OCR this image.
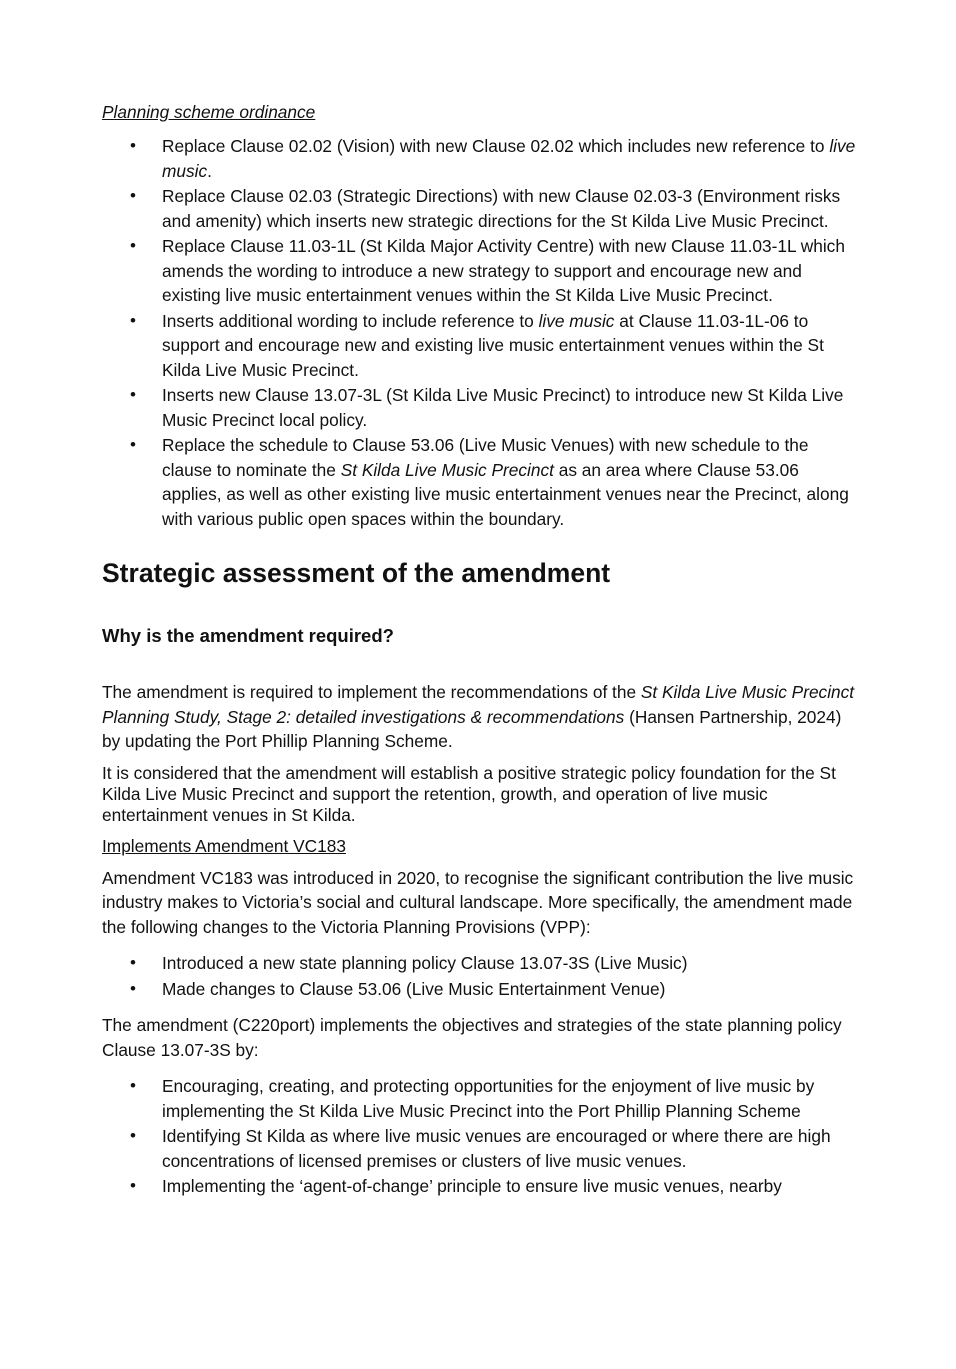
Planning scheme ordinance

• Replace Clause 02.02 (Vision) with new Clause 02.02 which includes new reference to live music.
• Replace Clause 02.03 (Strategic Directions) with new Clause 02.03-3 (Environment risks and amenity) which inserts new strategic directions for the St Kilda Live Music Precinct.
• Replace Clause 11.03-1L (St Kilda Major Activity Centre) with new Clause 11.03-1L which amends the wording to introduce a new strategy to support and encourage new and existing live music entertainment venues within the St Kilda Live Music Precinct.
• Inserts additional wording to include reference to live music at Clause 11.03-1L-06 to support and encourage new and existing live music entertainment venues within the St Kilda Live Music Precinct.
• Inserts new Clause 13.07-3L (St Kilda Live Music Precinct) to introduce new St Kilda Live Music Precinct local policy.
• Replace the schedule to Clause 53.06 (Live Music Venues) with new schedule to the clause to nominate the St Kilda Live Music Precinct as an area where Clause 53.06 applies, as well as other existing live music entertainment venues near the Precinct, along with various public open spaces within the boundary.
Strategic assessment of the amendment
Why is the amendment required?

The amendment is required to implement the recommendations of the St Kilda Live Music Precinct Planning Study, Stage 2: detailed investigations & recommendations (Hansen Partnership, 2024) by updating the Port Phillip Planning Scheme.

It is considered that the amendment will establish a positive strategic policy foundation for the St Kilda Live Music Precinct and support the retention, growth, and operation of live music entertainment venues in St Kilda.

Implements Amendment VC183

Amendment VC183 was introduced in 2020, to recognise the significant contribution the live music industry makes to Victoria’s social and cultural landscape. More specifically, the amendment made the following changes to the Victoria Planning Provisions (VPP):

• Introduced a new state planning policy Clause 13.07-3S (Live Music)
• Made changes to Clause 53.06 (Live Music Entertainment Venue)

The amendment (C220port) implements the objectives and strategies of the state planning policy Clause 13.07-3S by:

• Encouraging, creating, and protecting opportunities for the enjoyment of live music by implementing the St Kilda Live Music Precinct into the Port Phillip Planning Scheme
• Identifying St Kilda as where live music venues are encouraged or where there are high concentrations of licensed premises or clusters of live music venues.
• Implementing the ‘agent-of-change’ principle to ensure live music venues, nearby
